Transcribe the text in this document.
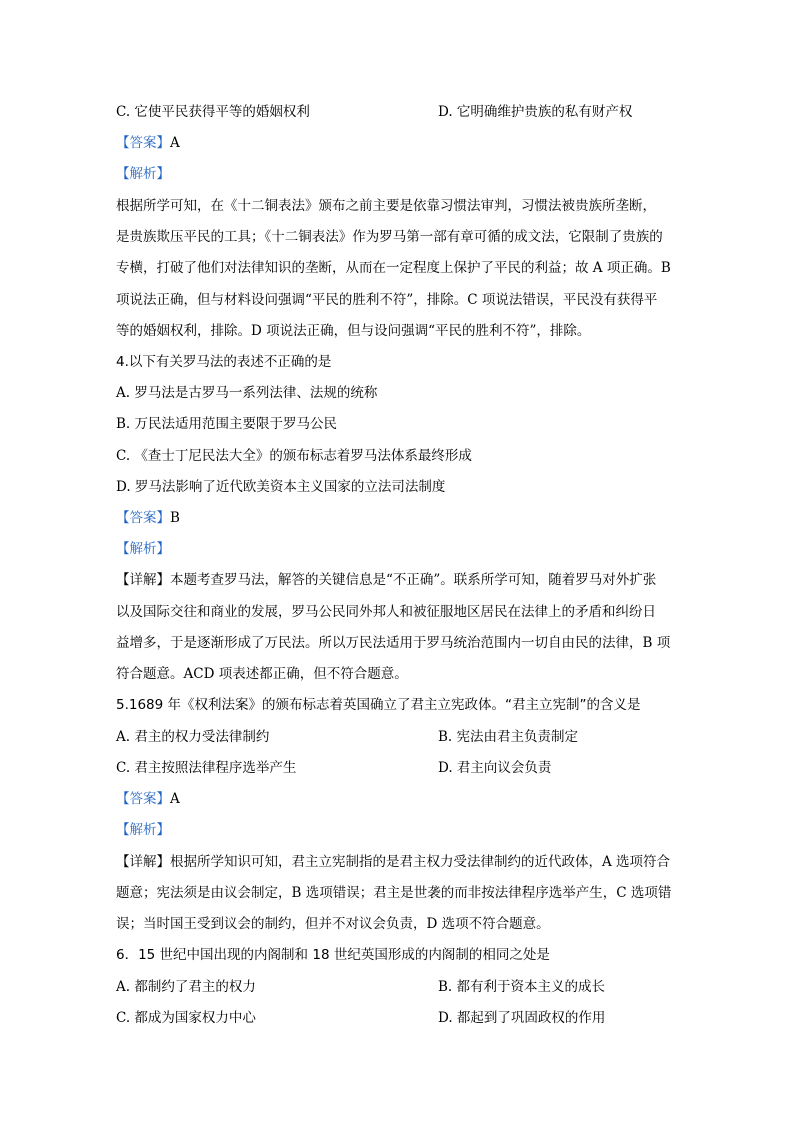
C. 它使平民获得平等的婚姻权利	D. 它明确维护贵族的私有财产权
【答案】A
【解析】
根据所学可知，在《十二铜表法》颁布之前主要是依靠习惯法审判，习惯法被贵族所垄断，
是贵族欺压平民的工具；《十二铜表法》作为罗马第一部有章可循的成文法，它限制了贵族的
专横，打破了他们对法律知识的垄断，从而在一定程度上保护了平民的利益；故 A 项正确。B
项说法正确，但与材料设问强调“平民的胜利不符”，排除。C 项说法错误，平民没有获得平
等的婚姻权利，排除。D 项说法正确，但与设问强调“平民的胜利不符”，排除。
4.以下有关罗马法的表述不正确的是
A. 罗马法是古罗马一系列法律、法规的统称
B. 万民法适用范围主要限于罗马公民
C. 《查士丁尼民法大全》的颁布标志着罗马法体系最终形成
D. 罗马法影响了近代欧美资本主义国家的立法司法制度
【答案】B
【解析】
【详解】本题考查罗马法，解答的关键信息是“不正确”。联系所学可知，随着罗马对外扩张
以及国际交往和商业的发展，罗马公民同外邦人和被征服地区居民在法律上的矛盾和纠纷日
益增多，于是逐渐形成了万民法。所以万民法适用于罗马统治范围内一切自由民的法律，B 项
符合题意。ACD 项表述都正确，但不符合题意。
5.1689 年《权利法案》的颁布标志着英国确立了君主立宪政体。“君主立宪制”的含义是
A. 君主的权力受法律制约	B. 宪法由君主负责制定
C. 君主按照法律程序选举产生	D. 君主向议会负责
【答案】A
【解析】
【详解】根据所学知识可知，君主立宪制指的是君主权力受法律制约的近代政体，A 选项符合
题意；宪法须是由议会制定，B 选项错误；君主是世袭的而非按法律程序选举产生，C 选项错
误；当时国王受到议会的制约，但并不对议会负责，D 选项不符合题意。
6．15 世纪中国出现的内阁制和 18 世纪英国形成的内阁制的相同之处是
A. 都制约了君主的权力	B. 都有利于资本主义的成长
C. 都成为国家权力中心	D. 都起到了巩固政权的作用
